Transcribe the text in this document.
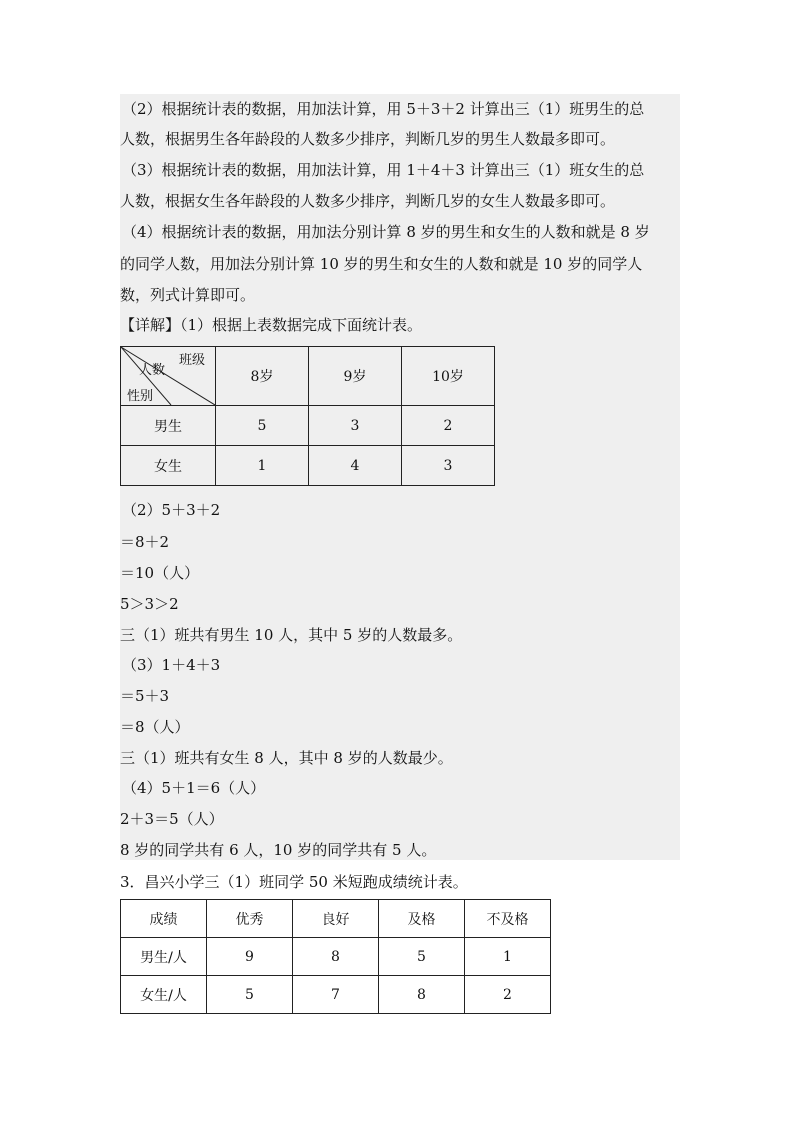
（2）根据统计表的数据，用加法计算，用 5＋3＋2 计算出三（1）班男生的总
人数，根据男生各年龄段的人数多少排序，判断几岁的男生人数最多即可。
（3）根据统计表的数据，用加法计算，用 1＋4＋3 计算出三（1）班女生的总
人数，根据女生各年龄段的人数多少排序，判断几岁的女生人数最多即可。
（4）根据统计表的数据，用加法分别计算 8 岁的男生和女生的人数和就是 8 岁
的同学人数，用加法分别计算 10 岁的男生和女生的人数和就是 10 岁的同学人
数，列式计算即可。
【详解】（1）根据上表数据完成下面统计表。
班级
人数
性别	8岁	9岁	10岁
男生	5	3	2
女生	1	4	3
（2）5＋3＋2
＝8＋2
＝10（人）
5＞3＞2
三（1）班共有男生 10 人，其中 5 岁的人数最多。
（3）1＋4＋3
＝5＋3
＝8（人）
三（1）班共有女生 8 人，其中 8 岁的人数最少。
（4）5＋1＝6（人）
2＋3＝5（人）
8 岁的同学共有 6 人，10 岁的同学共有 5 人。
3．昌兴小学三（1）班同学 50 米短跑成绩统计表。
成绩	优秀	良好	及格	不及格
男生/人	9	8	5	1
女生/人	5	7	8	2
